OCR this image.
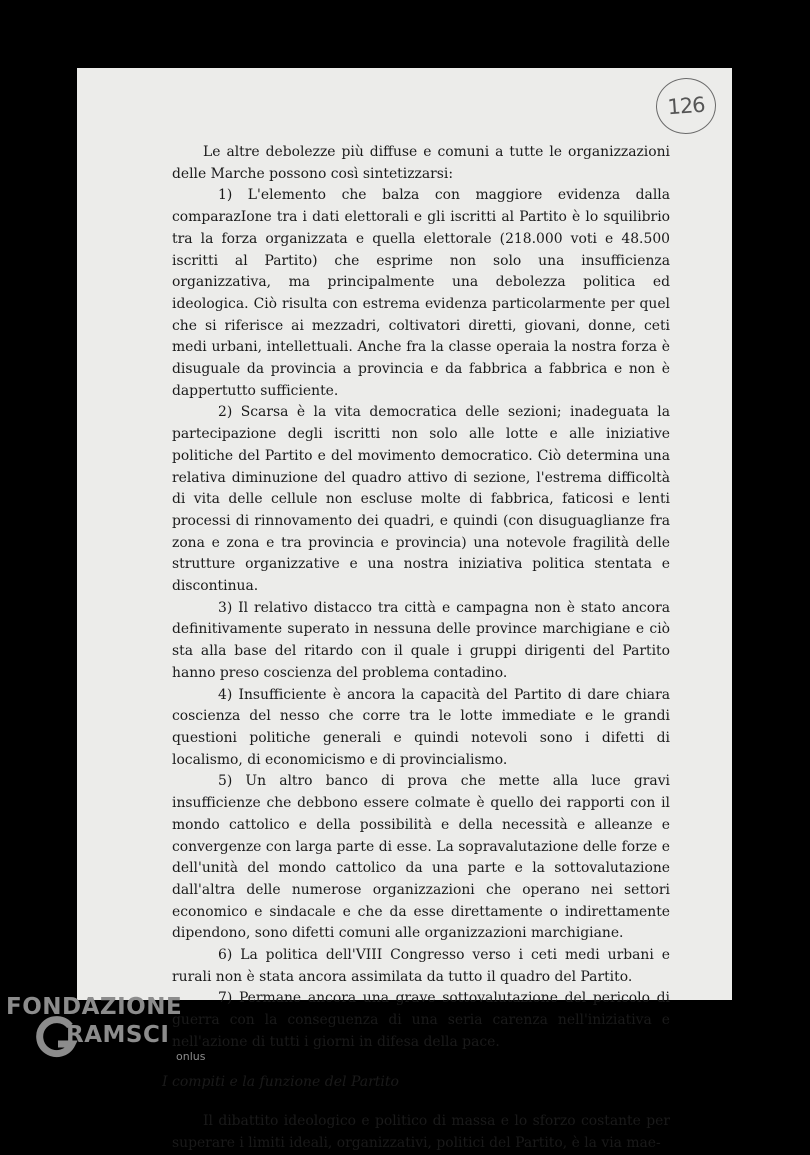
126

Le altre debolezze più diffuse e comuni a tutte le organizzazioni delle Marche possono così sintetizzarsi:

1) L'elemento che balza con maggiore evidenza dalla comparazIone tra i dati elettorali e gli iscritti al Partito è lo squilibrio tra la forza organizzata e quella elettorale (218.000 voti e 48.500 iscritti al Partito) che esprime non solo una insufficienza organizzativa, ma principalmente una debolezza politica ed ideologica. Ciò risulta con estrema evidenza particolarmente per quel che si riferisce ai mezzadri, coltivatori diretti, giovani, donne, ceti medi urbani, intellettuali. Anche fra la classe operaia la nostra forza è disuguale da provincia a provincia e da fabbrica a fabbrica e non è dappertutto sufficiente.

2) Scarsa è la vita democratica delle sezioni; inadeguata la partecipazione degli iscritti non solo alle lotte e alle iniziative politiche del Partito e del movimento democratico. Ciò determina una relativa diminuzione del quadro attivo di sezione, l'estrema difficoltà di vita delle cellule non escluse molte di fabbrica, faticosi e lenti processi di rinnovamento dei quadri, e quindi (con disuguaglianze fra zona e zona e tra provincia e provincia) una notevole fragilità delle strutture organizzative e una nostra iniziativa politica stentata e discontinua.

3) Il relativo distacco tra città e campagna non è stato ancora definitivamente superato in nessuna delle province marchigiane e ciò sta alla base del ritardo con il quale i gruppi dirigenti del Partito hanno preso coscienza del problema contadino.

4) Insufficiente è ancora la capacità del Partito di dare chiara coscienza del nesso che corre tra le lotte immediate e le grandi questioni politiche generali e quindi notevoli sono i difetti di localismo, di economicismo e di provincialismo.

5) Un altro banco di prova che mette alla luce gravi insufficienze che debbono essere colmate è quello dei rapporti con il mondo cattolico e della possibilità e della necessità e alleanze e convergenze con larga parte di esse. La sopravalutazione delle forze e dell'unità del mondo cattolico da una parte e la sottovalutazione dall'altra delle numerose organizzazioni che operano nei settori economico e sindacale e che da esse direttamente o indirettamente dipendono, sono difetti comuni alle organizzazioni marchigiane.

6) La politica dell'VIII Congresso verso i ceti medi urbani e rurali non è stata ancora assimilata da tutto il quadro del Partito.

7) Permane ancora una grave sottovalutazione del pericolo di guerra con la conseguenza di una seria carenza nell'iniziativa e nell'azione di tutti i giorni in difesa della pace.

I compiti e la funzione del Partito

Il dibattito ideologico e politico di massa e lo sforzo costante per superare i limiti ideali, organizzativi, politici del Partito, è la via mae-

FONDAZIONE
RAMSCI
onlus
